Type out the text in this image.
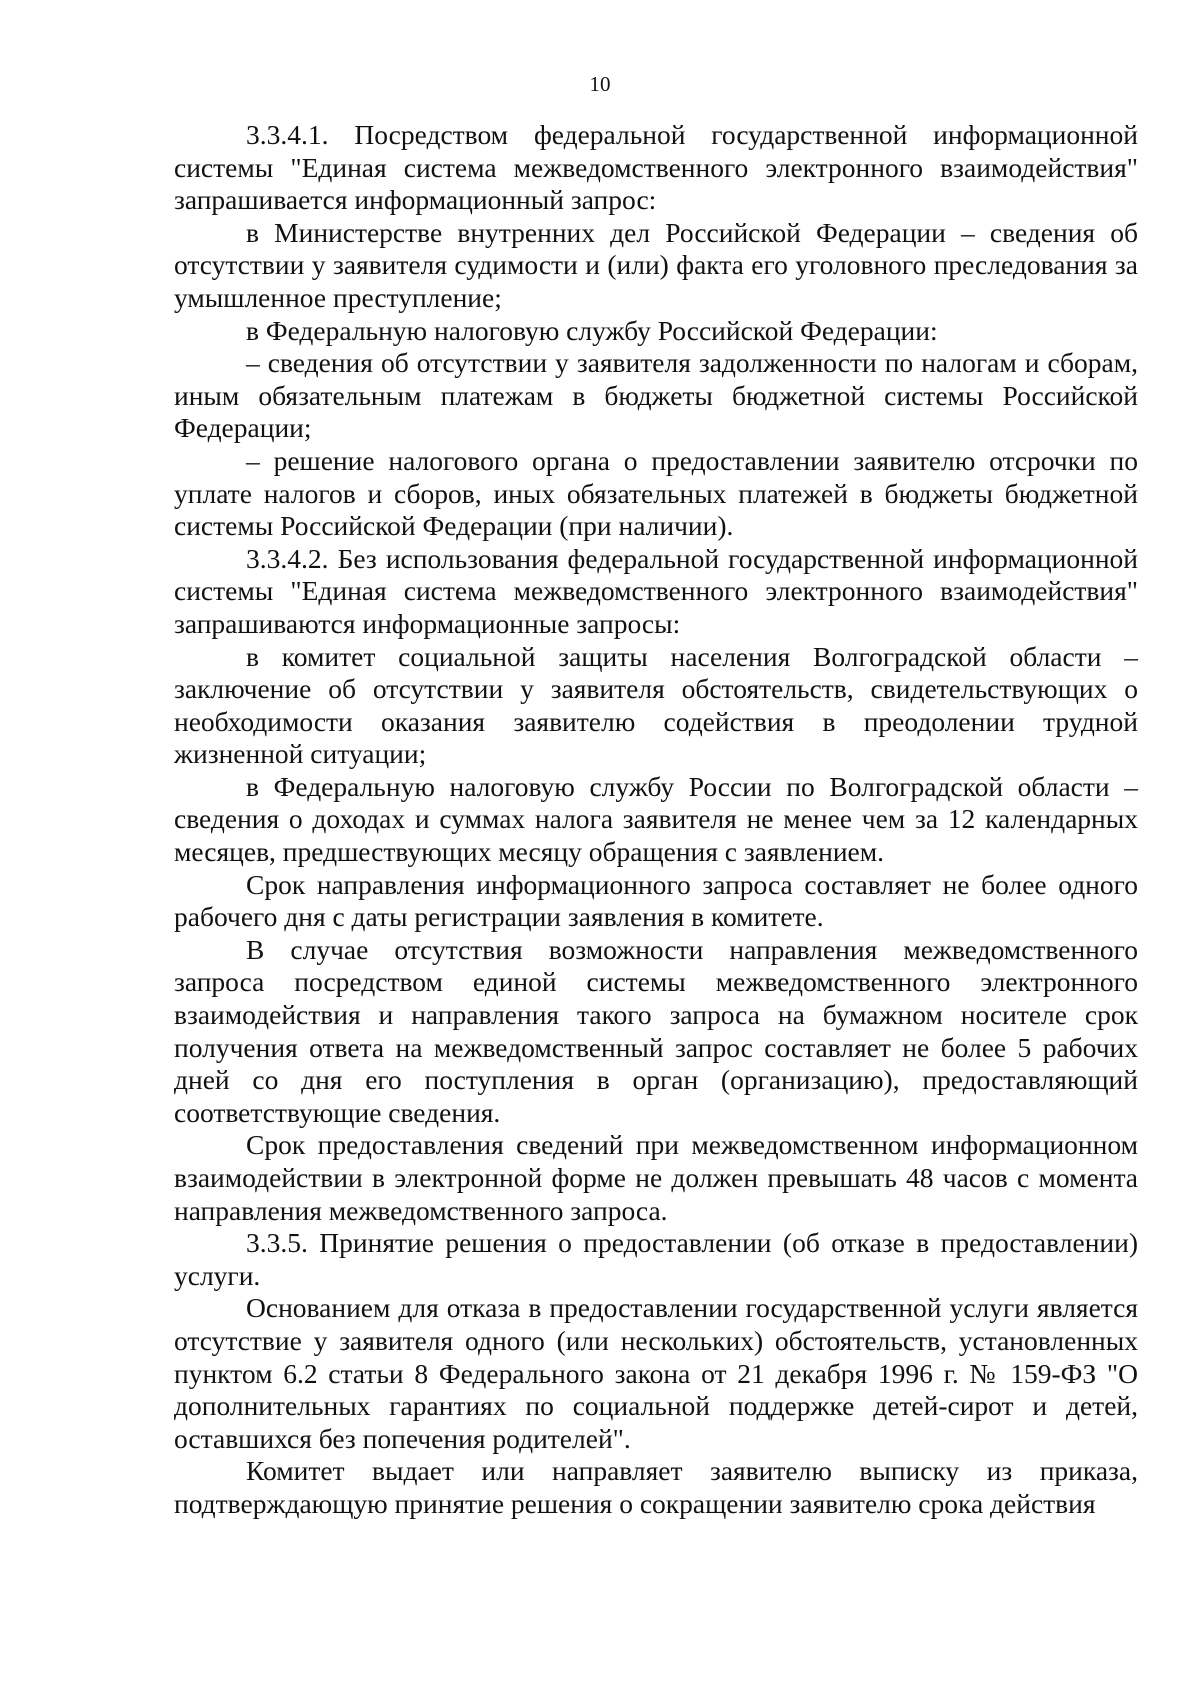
10

3.3.4.1. Посредством федеральной государственной информационной системы "Единая система межведомственного электронного взаимодействия" запрашивается информационный запрос:

в Министерстве внутренних дел Российской Федерации – сведения об отсутствии у заявителя судимости и (или) факта его уголовного преследования за умышленное преступление;

в Федеральную налоговую службу Российской Федерации:

– сведения об отсутствии у заявителя задолженности по налогам и сборам, иным обязательным платежам в бюджеты бюджетной системы Российской Федерации;

– решение налогового органа о предоставлении заявителю отсрочки по уплате налогов и сборов, иных обязательных платежей в бюджеты бюджетной системы Российской Федерации (при наличии).

3.3.4.2. Без использования федеральной государственной информационной системы "Единая система межведомственного электронного взаимодействия" запрашиваются информационные запросы:

в комитет социальной защиты населения Волгоградской области – заключение об отсутствии у заявителя обстоятельств, свидетельствующих о необходимости оказания заявителю содействия в преодолении трудной жизненной ситуации;

в Федеральную налоговую службу России по Волгоградской области – сведения о доходах и суммах налога заявителя не менее чем за 12 календарных месяцев, предшествующих месяцу обращения с заявлением.

Срок направления информационного запроса составляет не более одного рабочего дня с даты регистрации заявления в комитете.

В случае отсутствия возможности направления межведомственного запроса посредством единой системы межведомственного электронного взаимодействия и направления такого запроса на бумажном носителе срок получения ответа на межведомственный запрос составляет не более 5 рабочих дней со дня его поступления в орган (организацию), предоставляющий соответствующие сведения.

Срок предоставления сведений при межведомственном информационном взаимодействии в электронной форме не должен превышать 48 часов с момента направления межведомственного запроса.

3.3.5. Принятие решения о предоставлении (об отказе в предоставлении) услуги.

Основанием для отказа в предоставлении государственной услуги является отсутствие у заявителя одного (или нескольких) обстоятельств, установленных пунктом 6.2 статьи 8 Федерального закона от 21 декабря 1996 г. № 159-ФЗ "О дополнительных гарантиях по социальной поддержке детей-сирот и детей, оставшихся без попечения родителей".

Комитет выдает или направляет заявителю выписку из приказа, подтверждающую принятие решения о сокращении заявителю срока действия
